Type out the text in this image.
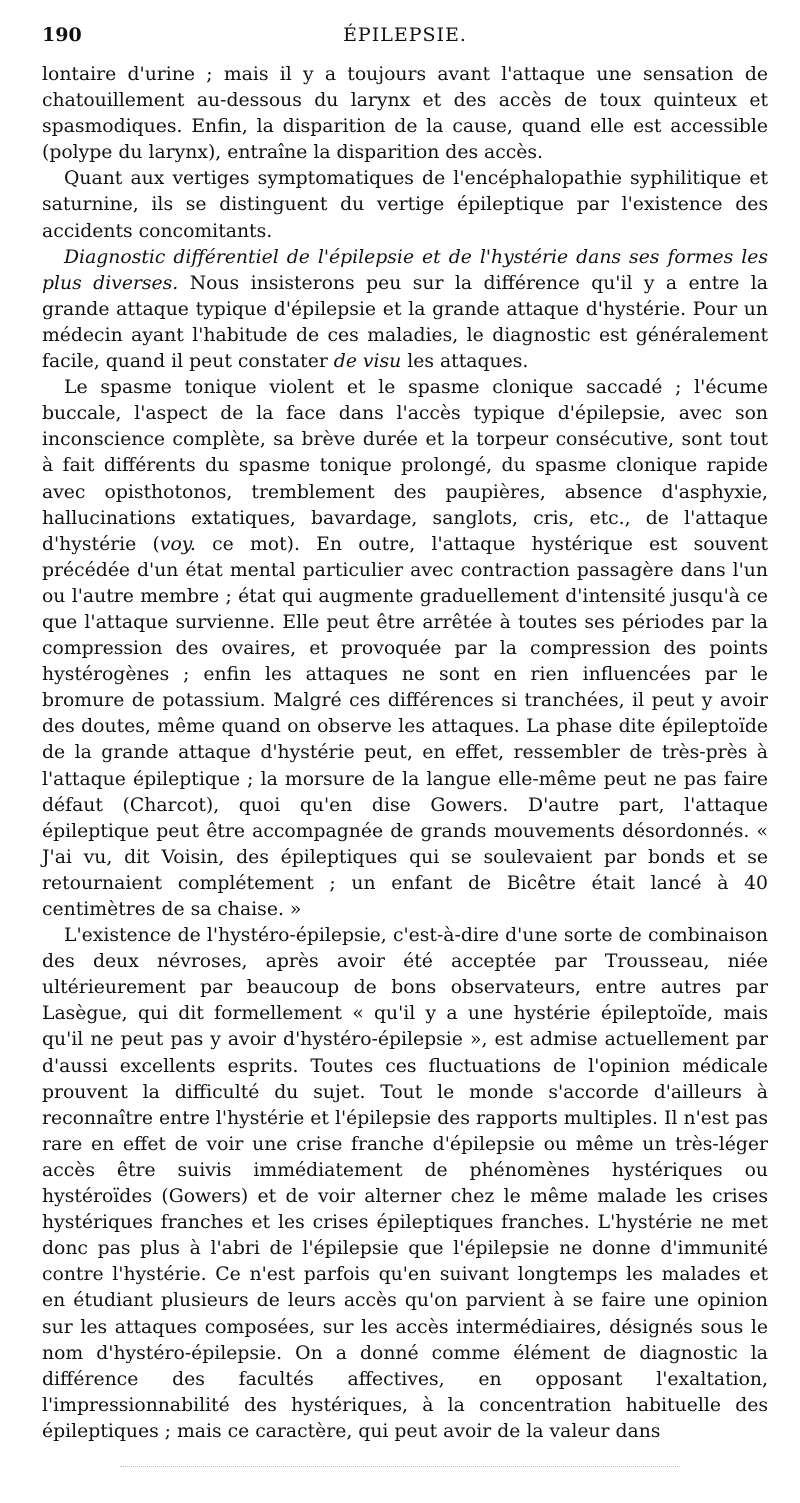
190	ÉPILEPSIE.

lontaire d'urine ; mais il y a toujours avant l'attaque une sensation de chatouillement au-dessous du larynx et des accès de toux quinteux et spasmodiques. Enfin, la disparition de la cause, quand elle est accessible (polype du larynx), entraîne la disparition des accès.

Quant aux vertiges symptomatiques de l'encéphalopathie syphilitique et saturnine, ils se distinguent du vertige épileptique par l'existence des accidents concomitants.

Diagnostic différentiel de l'épilepsie et de l'hystérie dans ses formes les plus diverses. Nous insisterons peu sur la différence qu'il y a entre la grande attaque typique d'épilepsie et la grande attaque d'hystérie. Pour un médecin ayant l'habitude de ces maladies, le diagnostic est généralement facile, quand il peut constater de visu les attaques.

Le spasme tonique violent et le spasme clonique saccadé ; l'écume buccale, l'aspect de la face dans l'accès typique d'épilepsie, avec son inconscience complète, sa brève durée et la torpeur consécutive, sont tout à fait différents du spasme tonique prolongé, du spasme clonique rapide avec opisthotonos, tremblement des paupières, absence d'asphyxie, hallucinations extatiques, bavardage, sanglots, cris, etc., de l'attaque d'hystérie (voy. ce mot). En outre, l'attaque hystérique est souvent précédée d'un état mental particulier avec contraction passagère dans l'un ou l'autre membre ; état qui augmente graduellement d'intensité jusqu'à ce que l'attaque survienne. Elle peut être arrêtée à toutes ses périodes par la compression des ovaires, et provoquée par la compression des points hystérogènes ; enfin les attaques ne sont en rien influencées par le bromure de potassium. Malgré ces différences si tranchées, il peut y avoir des doutes, même quand on observe les attaques. La phase dite épileptoïde de la grande attaque d'hystérie peut, en effet, ressembler de très-près à l'attaque épileptique ; la morsure de la langue elle-même peut ne pas faire défaut (Charcot), quoi qu'en dise Gowers. D'autre part, l'attaque épileptique peut être accompagnée de grands mouvements désordonnés. « J'ai vu, dit Voisin, des épileptiques qui se soulevaient par bonds et se retournaient complétement ; un enfant de Bicêtre était lancé à 40 centimètres de sa chaise. »

L'existence de l'hystéro-épilepsie, c'est-à-dire d'une sorte de combinaison des deux névroses, après avoir été acceptée par Trousseau, niée ultérieurement par beaucoup de bons observateurs, entre autres par Lasègue, qui dit formellement « qu'il y a une hystérie épileptoïde, mais qu'il ne peut pas y avoir d'hystéro-épilepsie », est admise actuellement par d'aussi excellents esprits. Toutes ces fluctuations de l'opinion médicale prouvent la difficulté du sujet. Tout le monde s'accorde d'ailleurs à reconnaître entre l'hystérie et l'épilepsie des rapports multiples. Il n'est pas rare en effet de voir une crise franche d'épilepsie ou même un très-léger accès être suivis immédiatement de phénomènes hystériques ou hystéroïdes (Gowers) et de voir alterner chez le même malade les crises hystériques franches et les crises épileptiques franches. L'hystérie ne met donc pas plus à l'abri de l'épilepsie que l'épilepsie ne donne d'immunité contre l'hystérie. Ce n'est parfois qu'en suivant longtemps les malades et en étudiant plusieurs de leurs accès qu'on parvient à se faire une opinion sur les attaques composées, sur les accès intermédiaires, désignés sous le nom d'hystéro-épilepsie. On a donné comme élément de diagnostic la différence des facultés affectives, en opposant l'exaltation, l'impressionnabilité des hystériques, à la concentration habituelle des épileptiques ; mais ce caractère, qui peut avoir de la valeur dans
